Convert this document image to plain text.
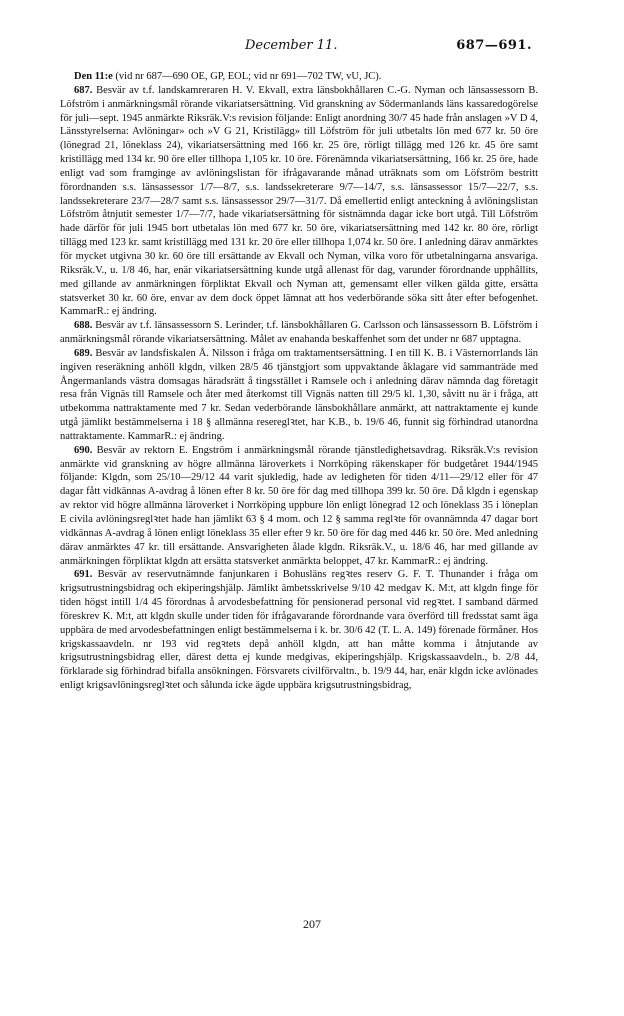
December 11.	687—691.

Den 11:e (vid nr 687—690 OE, GP, EOL; vid nr 691—702 TW, vU, JC).

687. Besvär av t.f. landskamreraren H. V. Ekvall, extra länsbokhållaren C.-G. Nyman och länsassessorn B. Löfström i anmärkningsmål rörande vikariatsersättning. Vid granskning av Södermanlands läns kassaredogörelse för juli—sept. 1945 anmärkte Riksräk.V:s revision följande: Enligt anordning 30/7 45 hade från anslagen »V D 4, Länsstyrelserna: Avlöningar» och »V G 21, Kristilägg» till Löfström för juli utbetalts lön med 677 kr. 50 öre (lönegrad 21, löneklass 24), vikariatsersättning med 166 kr. 25 öre, rörligt tillägg med 126 kr. 45 öre samt kristillägg med 134 kr. 90 öre eller tillhopa 1,105 kr. 10 öre. Förenämnda vikariatsersättning, 166 kr. 25 öre, hade enligt vad som framginge av avlöningslistan för ifrågavarande månad uträknats som om Löfström bestritt förordnanden s.s. länsassessor 1/7—8/7, s.s. landssekreterare 9/7—14/7, s.s. länsassessor 15/7—22/7, s.s. landssekreterare 23/7—28/7 samt s.s. länsassessor 29/7—31/7. Då emellertid enligt anteckning å avlöningslistan Löfström åtnjutit semester 1/7—7/7, hade vikariatsersättning för sistnämnda dagar icke bort utgå. Till Löfström hade därför för juli 1945 bort utbetalas lön med 677 kr. 50 öre, vikariatsersättning med 142 kr. 80 öre, rörligt tillägg med 123 kr. samt kristillägg med 131 kr. 20 öre eller tillhopa 1,074 kr. 50 öre. I anledning därav anmärktes för mycket utgivna 30 kr. 60 öre till ersättande av Ekvall och Nyman, vilka voro för utbetalningarna ansvariga. Riksräk.V., u. 1/8 46, har, enär vikariatsersättning kunde utgå allenast för dag, varunder förordnande upphållits, med gillande av anmärkningen förpliktat Ekvall och Nyman att, gemensamt eller vilken gälda gitte, ersätta statsverket 30 kr. 60 öre, envar av dem dock öppet lämnat att hos vederbörande söka sitt åter efter befogenhet. KammarR.: ej ändring.

688. Besvär av t.f. länsassessorn S. Lerinder, t.f. länsbokhållaren G. Carlsson och länsassessorn B. Löfström i anmärkningsmål rörande vikariatsersättning. Målet av enahanda beskaffenhet som det under nr 687 upptagna.

689. Besvär av landsfiskalen Å. Nilsson i fråga om traktamentsersättning. I en till K. B. i Västernorrlands län ingiven reseräkning anhöll klgdn, vilken 28/5 46 tjänstgjort som uppvaktande åklagare vid sammanträde med Ångermanlands västra domsagas häradsrätt å tingsstället i Ramsele och i anledning därav nämnda dag företagit resa från Vignäs till Ramsele och åter med återkomst till Vignäs natten till 29/5 kl. 1,30, såvitt nu är i fråga, att utbekomma nattraktamente med 7 kr. Sedan vederbörande länsbokhållare anmärkt, att nattraktamente ej kunde utgå jämlikt bestämmelserna i 18 § allmänna resereglꝛtet, har K.B., b. 19/6 46, funnit sig förhindrad utanordna nattraktamente. KammarR.: ej ändring.

690. Besvär av rektorn E. Engström i anmärkningsmål rörande tjänstledighetsavdrag. Riksräk.V:s revision anmärkte vid granskning av högre allmänna läroverkets i Norrköping räkenskaper för budgetåret 1944/1945 följande: Klgdn, som 25/10—29/12 44 varit sjukledig, hade av ledigheten för tiden 4/11—29/12 eller för 47 dagar fått vidkännas A-avdrag å lönen efter 8 kr. 50 öre för dag med tillhopa 399 kr. 50 öre. Då klgdn i egenskap av rektor vid högre allmänna läroverket i Norrköping uppbure lön enligt lönegrad 12 och löneklass 35 i löneplan E civila avlöningsreglꝛtet hade han jämlikt 63 § 4 mom. och 12 § samma reglꝛte för ovannämnda 47 dagar bort vidkännas A-avdrag å lönen enligt löneklass 35 eller efter 9 kr. 50 öre för dag med 446 kr. 50 öre. Med anledning därav anmärktes 47 kr. till ersättande. Ansvarigheten ålade klgdn. Riksräk.V., u. 18/6 46, har med gillande av anmärkningen förpliktat klgdn att ersätta statsverket anmärkta beloppet, 47 kr. KammarR.: ej ändring.

691. Besvär av reservutnämnde fanjunkaren i Bohusläns regꝛtes reserv G. F. T. Thunander i fråga om krigsutrustningsbidrag och ekiperingshjälp. Jämlikt ämbetsskrivelse 9/10 42 medgav K. M:t, att klgdn finge för tiden högst intill 1/4 45 förordnas å arvodesbefattning för pensionerad personal vid regꝛtet. I samband därmed föreskrev K. M:t, att klgdn skulle under tiden för ifrågavarande förordnande vara överförd till fredsstat samt äga uppbära de med arvodesbefattningen enligt bestämmelserna i k. br. 30/6 42 (T. L. A. 149) förenade förmåner. Hos krigskassaavdeln. nr 193 vid regꝛtets depå anhöll klgdn, att han måtte komma i åtnjutande av krigsutrustningsbidrag eller, därest detta ej kunde medgivas, ekiperingshjälp. Krigskassaavdeln., b. 2/8 44, förklarade sig förhindrad bifalla ansökningen. Försvarets civilförvaltn., b. 19/9 44, har, enär klgdn icke avlönades enligt krigsavlöningsreglꝛtet och sålunda icke ägde uppbära krigsutrustningsbidrag,

207
